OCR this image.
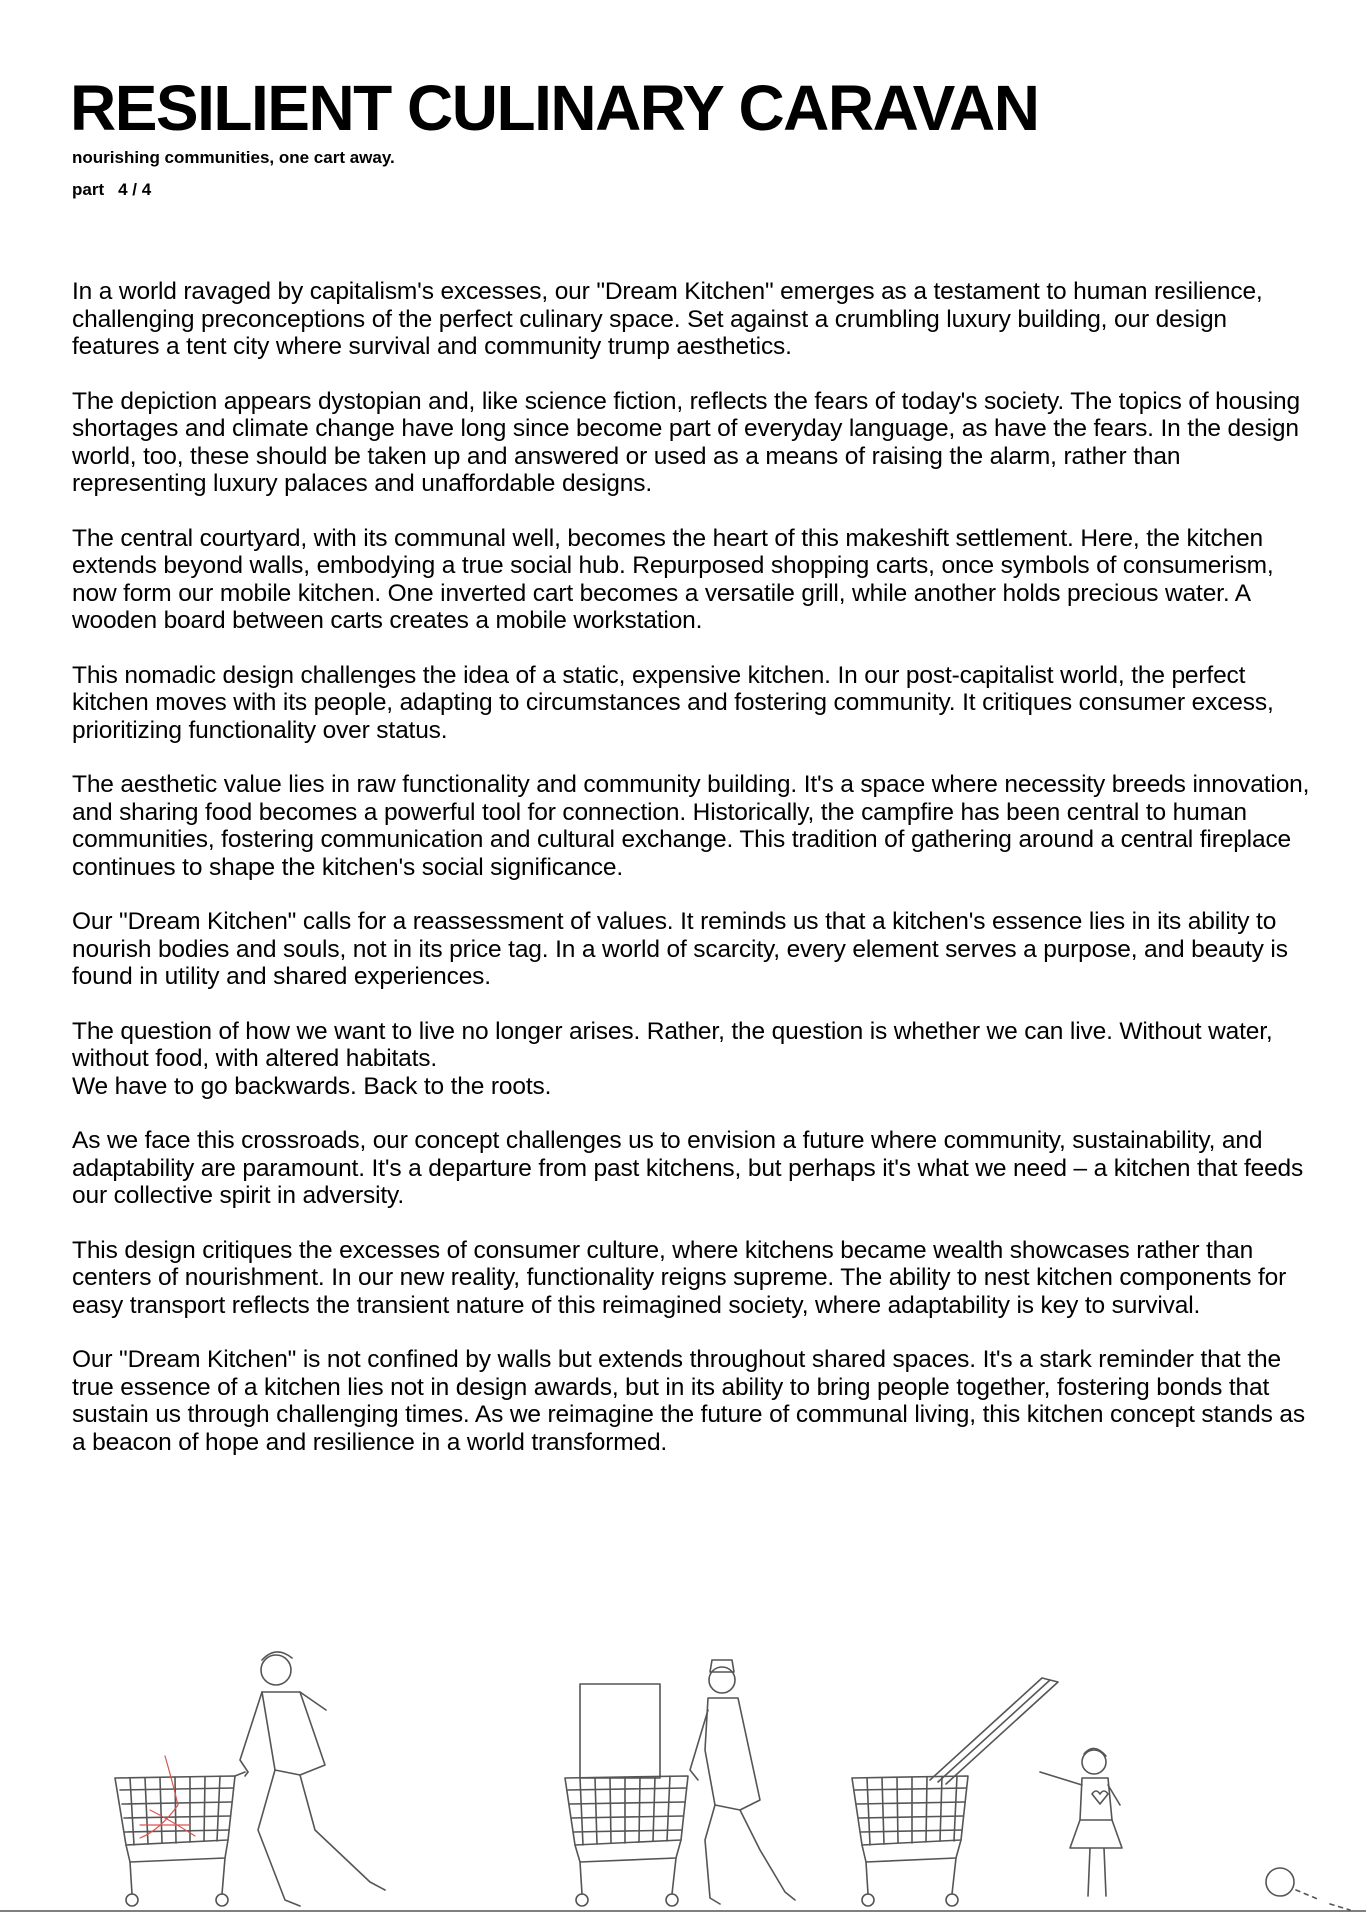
RESILIENT CULINARY CARAVAN
nourishing communities, one cart away.
part 4 / 4

In a world ravaged by capitalism's excesses, our "Dream Kitchen" emerges as a testament to human resilience, challenging preconceptions of the perfect culinary space. Set against a crumbling luxury building, our design features a tent city where survival and community trump aesthetics.

The depiction appears dystopian and, like science fiction, reflects the fears of today's society. The topics of housing shortages and climate change have long since become part of everyday language, as have the fears. In the design world, too, these should be taken up and answered or used as a means of raising the alarm, rather than representing luxury palaces and unaffordable designs.

The central courtyard, with its communal well, becomes the heart of this makeshift settlement. Here, the kitchen extends beyond walls, embodying a true social hub. Repurposed shopping carts, once symbols of consumerism, now form our mobile kitchen. One inverted cart becomes a versatile grill, while another holds precious water. A wooden board between carts creates a mobile workstation.

This nomadic design challenges the idea of a static, expensive kitchen. In our post-capitalist world, the perfect kitchen moves with its people, adapting to circumstances and fostering community. It critiques consumer excess, prioritizing functionality over status.

The aesthetic value lies in raw functionality and community building. It's a space where necessity breeds innovation, and sharing food becomes a powerful tool for connection. Historically, the campfire has been central to human communities, fostering communication and cultural exchange. This tradition of gathering around a central fireplace continues to shape the kitchen's social significance.

Our "Dream Kitchen" calls for a reassessment of values. It reminds us that a kitchen's essence lies in its ability to nourish bodies and souls, not in its price tag. In a world of scarcity, every element serves a purpose, and beauty is found in utility and shared experiences.

The question of how we want to live no longer arises. Rather, the question is whether we can live. Without water, without food, with altered habitats.
We have to go backwards. Back to the roots.

As we face this crossroads, our concept challenges us to envision a future where community, sustainability, and adaptability are paramount. It's a departure from past kitchens, but perhaps it's what we need – a kitchen that feeds our collective spirit in adversity.

This design critiques the excesses of consumer culture, where kitchens became wealth showcases rather than centers of nourishment. In our new reality, functionality reigns supreme. The ability to nest kitchen components for easy transport reflects the transient nature of this reimagined society, where adaptability is key to survival.

Our "Dream Kitchen" is not confined by walls but extends throughout shared spaces. It's a stark reminder that the true essence of a kitchen lies not in design awards, but in its ability to bring people together, fostering bonds that sustain us through challenging times. As we reimagine the future of communal living, this kitchen concept stands as a beacon of hope and resilience in a world transformed.
